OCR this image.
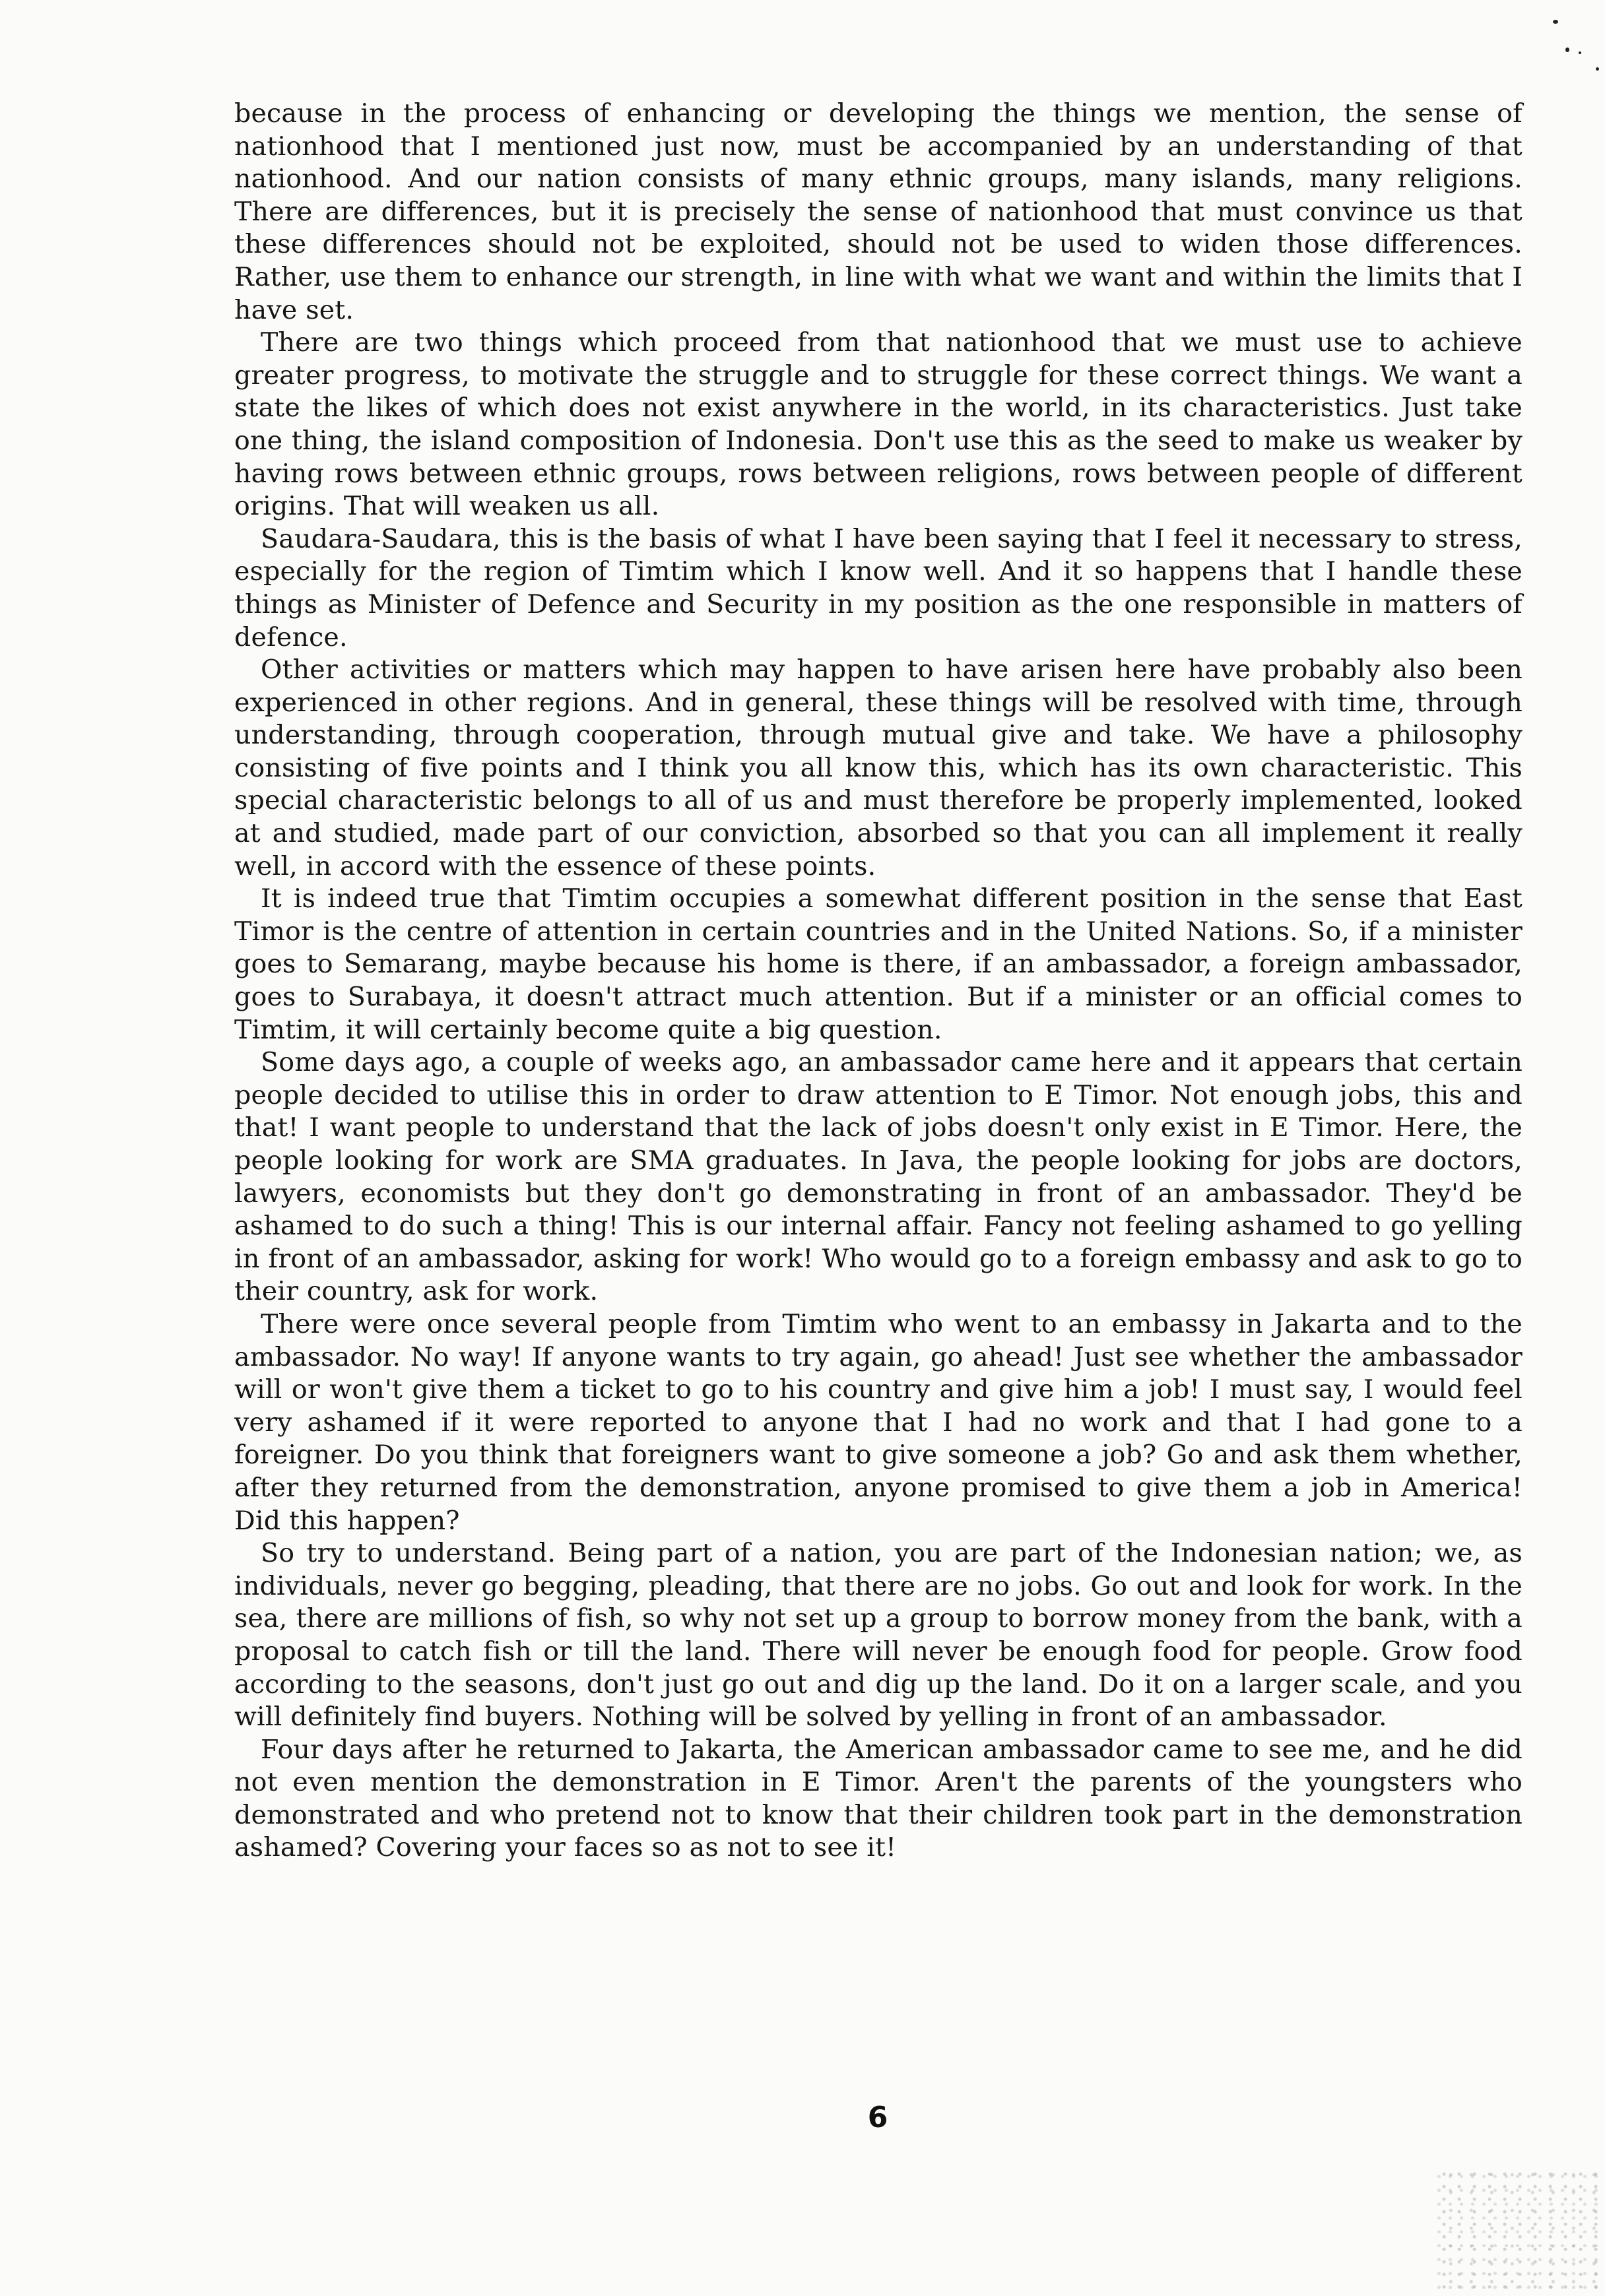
because in the process of enhancing or developing the things we mention, the sense of nationhood that I mentioned just now, must be accompanied by an understanding of that nationhood. And our nation consists of many ethnic groups, many islands, many religions. There are differences, but it is precisely the sense of nationhood that must convince us that these differences should not be exploited, should not be used to widen those differences. Rather, use them to enhance our strength, in line with what we want and within the limits that I have set.

There are two things which proceed from that nationhood that we must use to achieve greater progress, to motivate the struggle and to struggle for these correct things. We want a state the likes of which does not exist anywhere in the world, in its characteristics. Just take one thing, the island composition of Indonesia. Don't use this as the seed to make us weaker by having rows between ethnic groups, rows between religions, rows between people of different origins. That will weaken us all.

Saudara-Saudara, this is the basis of what I have been saying that I feel it necessary to stress, especially for the region of Timtim which I know well. And it so happens that I handle these things as Minister of Defence and Security in my position as the one responsible in matters of defence.

Other activities or matters which may happen to have arisen here have probably also been experienced in other regions. And in general, these things will be resolved with time, through understanding, through cooperation, through mutual give and take. We have a philosophy consisting of five points and I think you all know this, which has its own characteristic. This special characteristic belongs to all of us and must therefore be properly implemented, looked at and studied, made part of our conviction, absorbed so that you can all implement it really well, in accord with the essence of these points.

It is indeed true that Timtim occupies a somewhat different position in the sense that East Timor is the centre of attention in certain countries and in the United Nations. So, if a minister goes to Semarang, maybe because his home is there, if an ambassador, a foreign ambassador, goes to Surabaya, it doesn't attract much attention. But if a minister or an official comes to Timtim, it will certainly become quite a big question.

Some days ago, a couple of weeks ago, an ambassador came here and it appears that certain people decided to utilise this in order to draw attention to E Timor. Not enough jobs, this and that! I want people to understand that the lack of jobs doesn't only exist in E Timor. Here, the people looking for work are SMA graduates. In Java, the people looking for jobs are doctors, lawyers, economists but they don't go demonstrating in front of an ambassador. They'd be ashamed to do such a thing! This is our internal affair. Fancy not feeling ashamed to go yelling in front of an ambassador, asking for work! Who would go to a foreign embassy and ask to go to their country, ask for work.

There were once several people from Timtim who went to an embassy in Jakarta and to the ambassador. No way! If anyone wants to try again, go ahead! Just see whether the ambassador will or won't give them a ticket to go to his country and give him a job! I must say, I would feel very ashamed if it were reported to anyone that I had no work and that I had gone to a foreigner. Do you think that foreigners want to give someone a job? Go and ask them whether, after they returned from the demonstration, anyone promised to give them a job in America! Did this happen?

So try to understand. Being part of a nation, you are part of the Indonesian nation; we, as individuals, never go begging, pleading, that there are no jobs. Go out and look for work. In the sea, there are millions of fish, so why not set up a group to borrow money from the bank, with a proposal to catch fish or till the land. There will never be enough food for people. Grow food according to the seasons, don't just go out and dig up the land. Do it on a larger scale, and you will definitely find buyers. Nothing will be solved by yelling in front of an ambassador.

Four days after he returned to Jakarta, the American ambassador came to see me, and he did not even mention the demonstration in E Timor. Aren't the parents of the youngsters who demonstrated and who pretend not to know that their children took part in the demonstration ashamed? Covering your faces so as not to see it!

6
